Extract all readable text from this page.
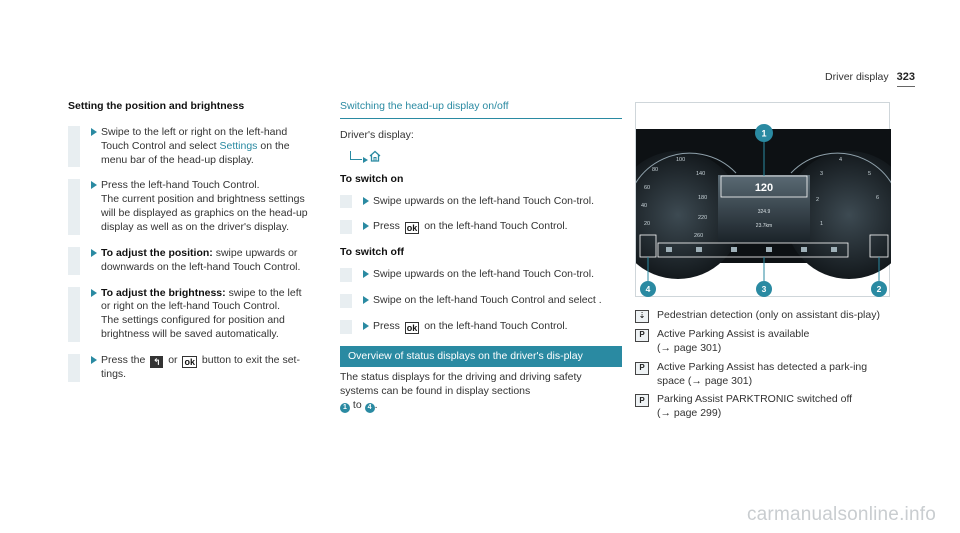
Driver display 323
Setting the position and brightness

Swipe to the left or right on the left-hand Touch Control and select Settings on the menu bar of the head-up display.

Press the left-hand Touch Control.
The current position and brightness settings will be displayed as graphics on the head-up display as well as on the driver's display.

To adjust the position: swipe upwards or downwards on the left-hand Touch Control.

To adjust the brightness: swipe to the left or right on the left-hand Touch Control.
The settings configured for position and brightness will be saved automatically.

Press the ↰ or ok button to exit the set-tings.

Switching the head-up display on/off

Driver's display:

To switch on

Swipe upwards on the left-hand Touch Con-trol.

Press ok on the left-hand Touch Control.

To switch off

Swipe upwards on the left-hand Touch Con-trol.

Swipe on the left-hand Touch Control and select .

Press ok on the left-hand Touch Control.

Overview of status displays on the driver's dis-play

The status displays for the driving and driving safety systems can be found in display sections
1 to 4 .

80
60
40
20
100
140
180
220
260
4
5
6
3
2
1
120
324.9
23.7km
1
2
3
4
⇣	Pedestrian detection (only on assistant dis-play)
P	Active Parking Assist is available
(→ page 301)
P	Active Parking Assist has detected a park-ing space (→ page 301)
P	Parking Assist PARKTRONIC switched off
(→ page 299)
carmanualsonline.info
